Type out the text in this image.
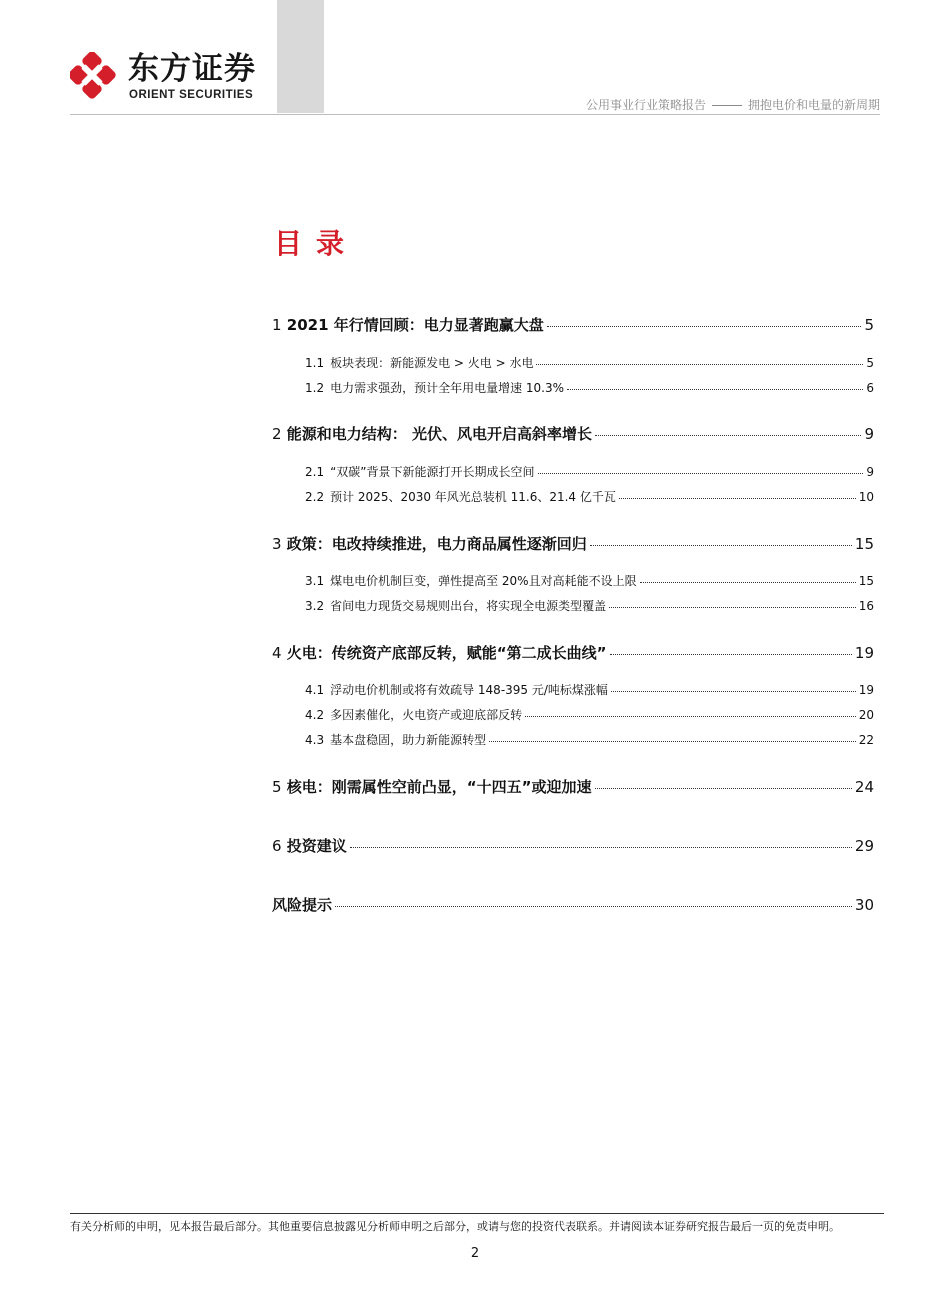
东方证券
ORIENT SECURITIES
公用事业行业策略报告	拥抱电价和电量的新周期
目录
1 2021 年行情回顾：电力显著跑赢大盘	5
1.1 板块表现：新能源发电 > 火电 > 水电	5
1.2 电力需求强劲，预计全年用电量增速 10.3%	6
2 能源和电力结构： 光伏、风电开启高斜率增长	9
2.1 “双碳”背景下新能源打开长期成长空间	9
2.2 预计 2025、2030 年风光总装机 11.6、21.4 亿千瓦	10
3 政策：电改持续推进，电力商品属性逐渐回归	15
3.1 煤电电价机制巨变，弹性提高至 20%且对高耗能不设上限	15
3.2 省间电力现货交易规则出台，将实现全电源类型覆盖	16
4 火电：传统资产底部反转，赋能“第二成长曲线”	19
4.1 浮动电价机制或将有效疏导 148-395 元/吨标煤涨幅	19
4.2 多因素催化，火电资产或迎底部反转	20
4.3 基本盘稳固，助力新能源转型	22
5 核电：刚需属性空前凸显，“十四五”或迎加速	24
6 投资建议	29
风险提示	30
有关分析师的申明，见本报告最后部分。其他重要信息披露见分析师申明之后部分，或请与您的投资代表联系。并请阅读本证券研究报告最后一页的免责申明。
2
